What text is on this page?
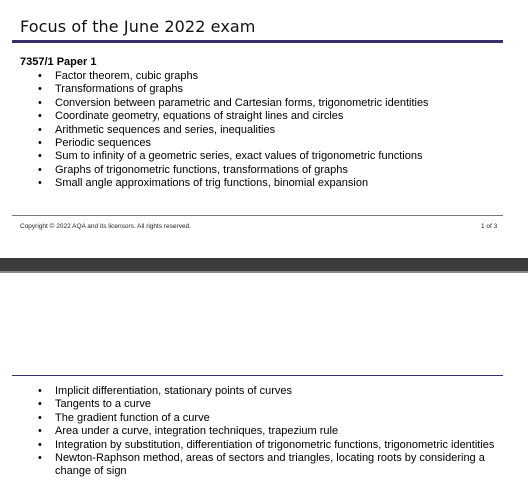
Focus of the June 2022 exam
7357/1 Paper 1
• Factor theorem, cubic graphs
• Transformations of graphs
• Conversion between parametric and Cartesian forms, trigonometric identities
• Coordinate geometry, equations of straight lines and circles
• Arithmetic sequences and series, inequalities
• Periodic sequences
• Sum to infinity of a geometric series, exact values of trigonometric functions
• Graphs of trigonometric functions, transformations of graphs
• Small angle approximations of trig functions, binomial expansion
Copyright © 2022 AQA and its licensors. All rights reserved.	1 of 3
• Implicit differentiation, stationary points of curves
• Tangents to a curve
• The gradient function of a curve
• Area under a curve, integration techniques, trapezium rule
• Integration by substitution, differentiation of trigonometric functions, trigonometric identities
• Newton-Raphson method, areas of sectors and triangles, locating roots by considering a change of sign
